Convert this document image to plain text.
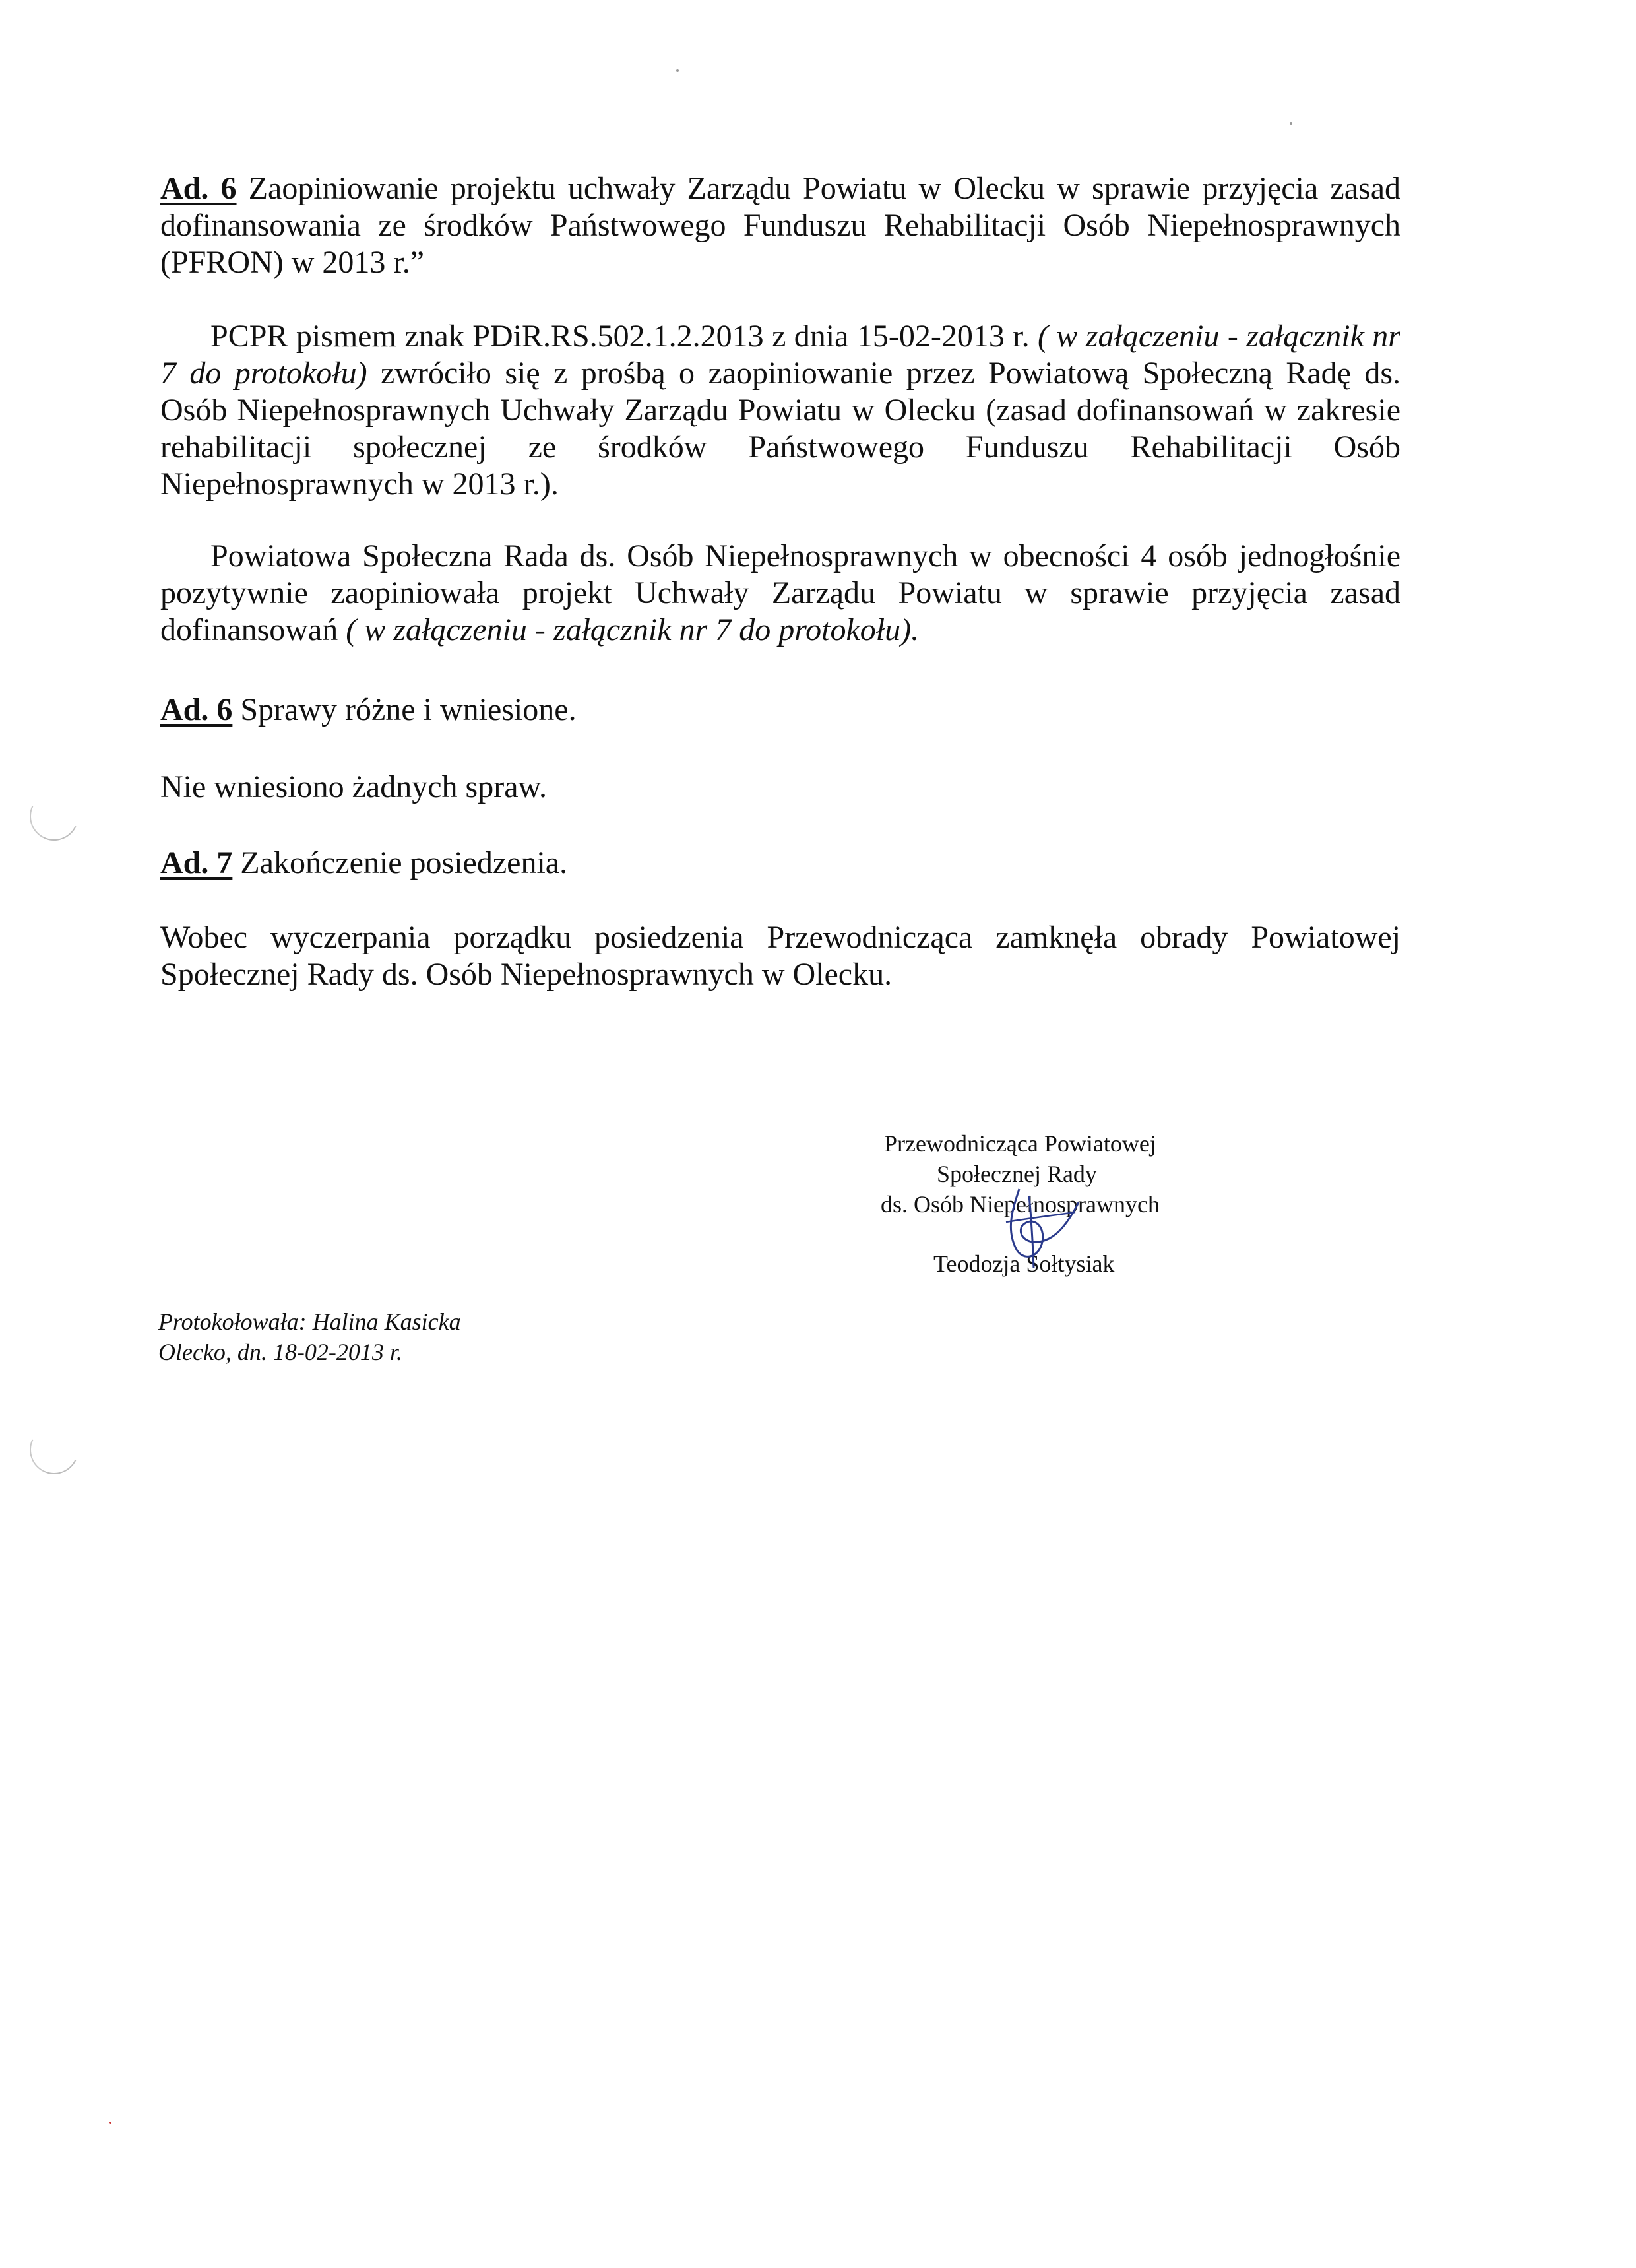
Ad. 6 Zaopiniowanie projektu uchwały Zarządu Powiatu w Olecku w sprawie przyjęcia zasad dofinansowania ze środków Państwowego Funduszu Rehabilitacji Osób Niepełnosprawnych (PFRON) w 2013 r.”

PCPR pismem znak PDiR.RS.502.1.2.2013 z dnia 15-02-2013 r. ( w załączeniu - załącznik nr 7 do protokołu) zwróciło się z prośbą o zaopiniowanie przez Powiatową Społeczną Radę ds. Osób Niepełnosprawnych Uchwały Zarządu Powiatu w Olecku (zasad dofinansowań w zakresie rehabilitacji społecznej ze środków Państwowego Funduszu Rehabilitacji Osób Niepełnosprawnych w 2013 r.).

Powiatowa Społeczna Rada ds. Osób Niepełnosprawnych w obecności 4 osób jednogłośnie pozytywnie zaopiniowała projekt Uchwały Zarządu Powiatu w sprawie przyjęcia zasad dofinansowań ( w załączeniu - załącznik nr 7 do protokołu).

Ad. 6 Sprawy różne i wniesione.

Nie wniesiono żadnych spraw.

Ad. 7 Zakończenie posiedzenia.

Wobec wyczerpania porządku posiedzenia Przewodnicząca zamknęła obrady Powiatowej Społecznej Rady ds. Osób Niepełnosprawnych w Olecku.

Przewodnicząca Powiatowej
Społecznej Rady
ds. Osób Niepełnosprawnych
Teodozja Sołtysiak
Protokołowała: Halina Kasicka
Olecko, dn. 18-02-2013 r.
